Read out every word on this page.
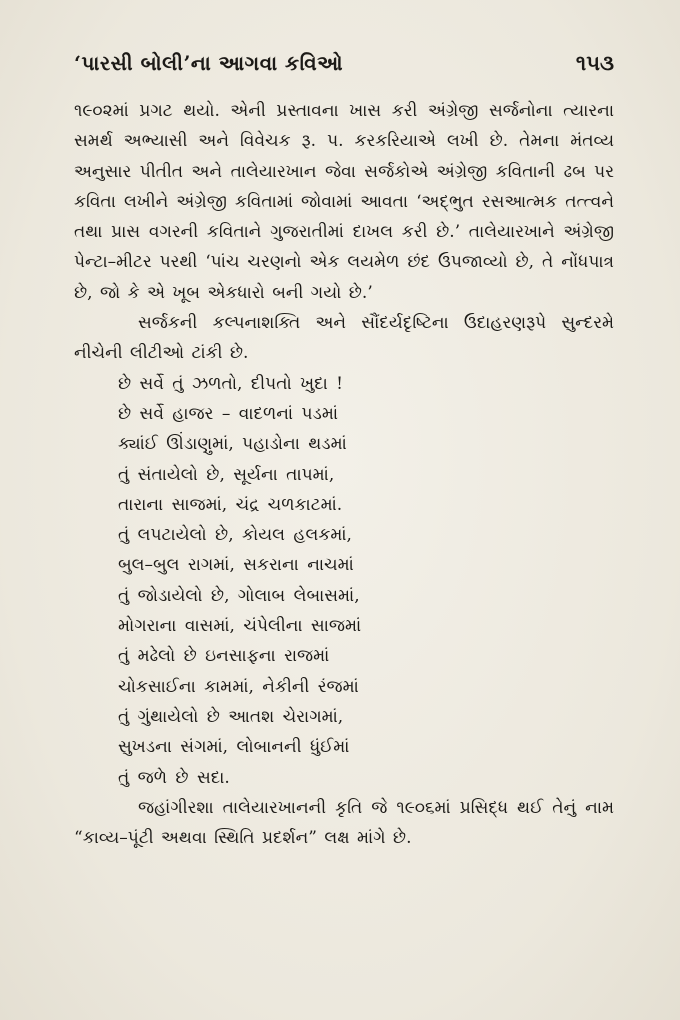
‘પારસી બોલી’ના આગવા કવિઓ	૧૫૩

૧૯૦૨માં પ્રગટ થયો. એની પ્રસ્તાવના ખાસ કરી અંગ્રેજી સર્જનોના ત્યારના સમર્થ અભ્યાસી અને વિવેચક રૂ. પ. કરકરિયાએ લખી છે. તેમના મંતવ્ય અનુસાર પીતીત અને તાલેયારખાન જેવા સર્જકોએ અંગ્રેજી કવિતાની ઢબ પર કવિતા લખીને અંગ્રેજી કવિતામાં જોવામાં આવતા ‘અદ્ભુત રસઆત્મક તત્ત્વને તથા પ્રાસ વગરની કવિતાને ગુજરાતીમાં દાખલ કરી છે.’ તાલેયારખાને અંગ્રેજી પેન્ટા–મીટર પરથી ‘પાંચ ચરણનો એક લયમેળ છંદ ઉપજાવ્યો છે, તે નોંધપાત્ર છે, જો કે એ ખૂબ એકધારો બની ગયો છે.’

સર્જકની કલ્પનાશક્તિ અને સૌંદર્યદૃષ્ટિના ઉદાહરણરૂપે સુન્દરમે નીચેની લીટીઓ ટાંકી છે.

છે સર્વે તું ઝળતો, દીપતો ખુદા !
છે સર્વે હાજર – વાદળનાં પડમાં
ક્યાંઈ ઊંડાણુમાં, પહાડોના થડમાં
તું સંતાયેલો છે, સૂર્યના તાપમાં,
તારાના સાજમાં, ચંદ્ર ચળકાટમાં.
તું લપટાયેલો છે, કોયલ હલકમાં,
બુલ–બુલ રાગમાં, સકરાના નાચમાં
તું જોડાયેલો છે, ગોલાબ લેબાસમાં,
મોગરાના વાસમાં, ચંપેલીના સાજમાં
તું મઢેલો છે ઇનસાફના રાજમાં
ચોકસાઈના કામમાં, નેકીની રંજમાં
તું ગુંથાયેલો છે આતશ ચેરાગમાં,
સુખડના સંગમાં, લોબાનની ધુંઈમાં
તું જળે છે સદા.

જહાંગીરશા તાલેયારખાનની કૃતિ જે ૧૯૦૬માં પ્રસિદ્ધ થઈ તેનું નામ “કાવ્ય–પૂંટી અથવા સ્થિતિ પ્રદર્શન” લક્ષ માંગે છે.
